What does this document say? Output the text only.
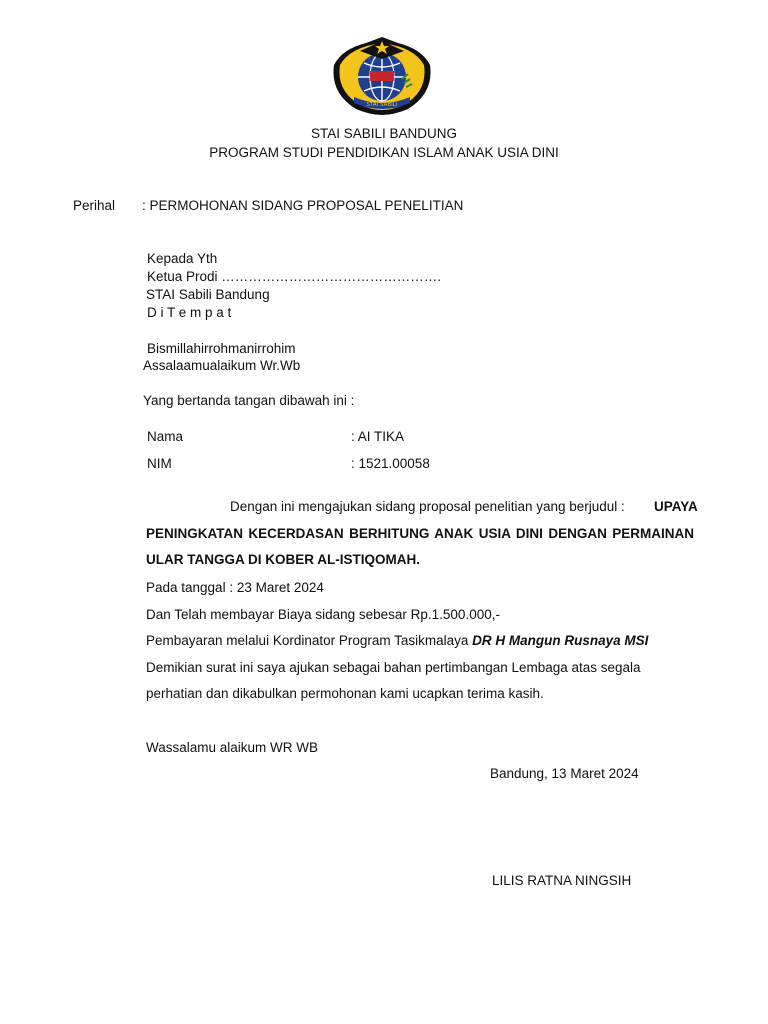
STAI SABILI
STAI SABILI BANDUNG
PROGRAM STUDI PENDIDIKAN ISLAM ANAK USIA DINI
Perihal : PERMOHONAN SIDANG PROPOSAL PENELITIAN
Kepada Yth
Ketua Prodi ………………………………………….
STAI Sabili Bandung
D i T e m p a t
Bismillahirrohmanirrohim
Assalaamualaikum Wr.Wb
Yang bertanda tangan dibawah ini :
Nama	: AI TIKA
NIM	: 1521.00058
Dengan ini mengajukan sidang proposal penelitian yang berjudul : UPAYA
PENINGKATAN KECERDASAN BERHITUNG ANAK USIA DINI DENGAN PERMAINAN
ULAR TANGGA DI KOBER AL-ISTIQOMAH.
Pada tanggal : 23 Maret 2024
Dan Telah membayar Biaya sidang sebesar Rp.1.500.000,-
Pembayaran melalui Kordinator Program Tasikmalaya DR H Mangun Rusnaya MSI
Demikian surat ini saya ajukan sebagai bahan pertimbangan Lembaga atas segala
perhatian dan dikabulkan permohonan kami ucapkan terima kasih.
Wassalamu alaikum WR WB
Bandung, 13 Maret 2024
LILIS RATNA NINGSIH
